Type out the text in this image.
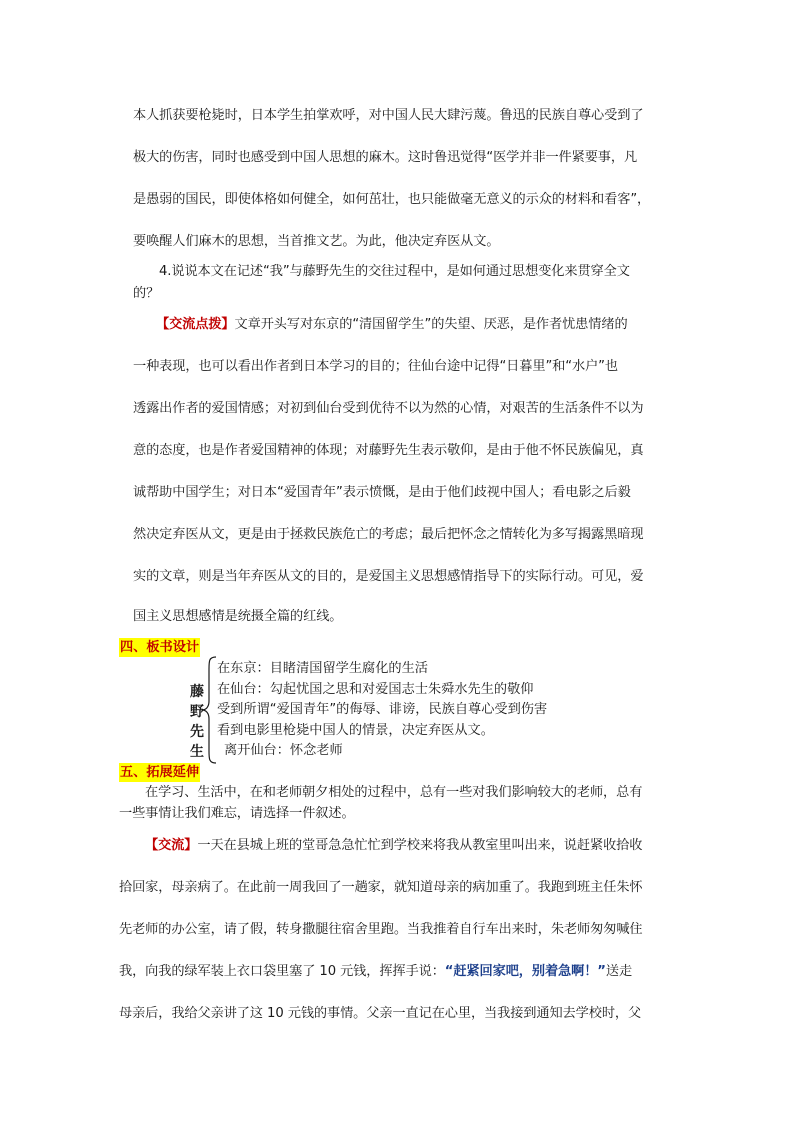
本人抓获要枪毙时，日本学生拍掌欢呼，对中国人民大肆污蔑。鲁迅的民族自尊心受到了
极大的伤害，同时也感受到中国人思想的麻木。这时鲁迅觉得“医学并非一件紧要事，凡
是愚弱的国民，即使体格如何健全，如何茁壮，也只能做毫无意义的示众的材料和看客”，
要唤醒人们麻木的思想，当首推文艺。为此，他决定弃医从文。
4.说说本文在记述“我”与藤野先生的交往过程中，是如何通过思想变化来贯穿全文
的？
【交流点拨】文章开头写对东京的“清国留学生”的失望、厌恶，是作者忧患情绪的
一种表现，也可以看出作者到日本学习的目的；往仙台途中记得“日暮里”和“水户”也
透露出作者的爱国情感；对初到仙台受到优待不以为然的心情，对艰苦的生活条件不以为
意的态度，也是作者爱国精神的体现；对藤野先生表示敬仰，是由于他不怀民族偏见，真
诚帮助中国学生；对日本“爱国青年”表示愤慨，是由于他们歧视中国人；看电影之后毅
然决定弃医从文，更是由于拯救民族危亡的考虑；最后把怀念之情转化为多写揭露黑暗现
实的文章，则是当年弃医从文的目的，是爱国主义思想感情指导下的实际行动。可见，爱
国主义思想感情是统摄全篇的红线。
四、板书设计
藤
野
先
生
在东京：目睹清国留学生腐化的生活
在仙台：勾起忧国之思和对爱国志士朱舜水先生的敬仰
受到所谓“爱国青年”的侮辱、诽谤，民族自尊心受到伤害
看到电影里枪毙中国人的情景，决定弃医从文。
离开仙台：怀念老师
五、拓展延伸
在学习、生活中，在和老师朝夕相处的过程中，总有一些对我们影响较大的老师，总有
一些事情让我们难忘，请选择一件叙述。
【交流】一天在县城上班的堂哥急急忙忙到学校来将我从教室里叫出来，说赶紧收拾收
拾回家，母亲病了。在此前一周我回了一趟家，就知道母亲的病加重了。我跑到班主任朱怀
先老师的办公室，请了假，转身撒腿往宿舍里跑。当我推着自行车出来时，朱老师匆匆喊住
我，向我的绿军装上衣口袋里塞了 10 元钱，挥挥手说：“赶紧回家吧，别着急啊！”送走
母亲后，我给父亲讲了这 10 元钱的事情。父亲一直记在心里，当我接到通知去学校时，父
